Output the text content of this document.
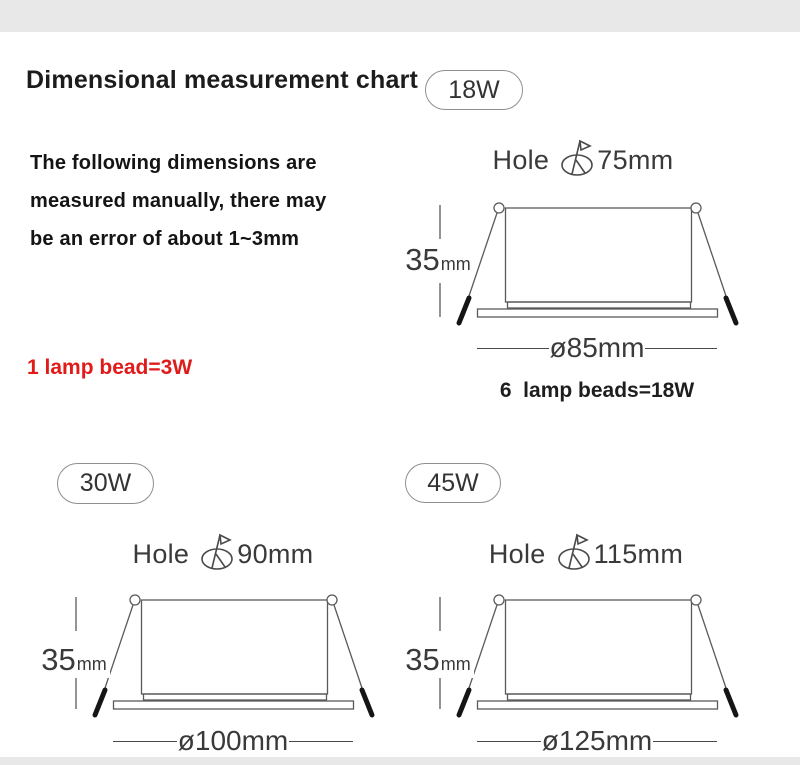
Dimensional measurement chart 18W
The following dimensions are
measured manually, there may
be an error of about 1~3mm
1 lamp bead=3W
Hole 75mm
35 mm
ø85mm
6  lamp beads=18W
30W
Hole 90mm
35 mm
ø100mm
45W
Hole 115mm
35 mm
ø125mm
